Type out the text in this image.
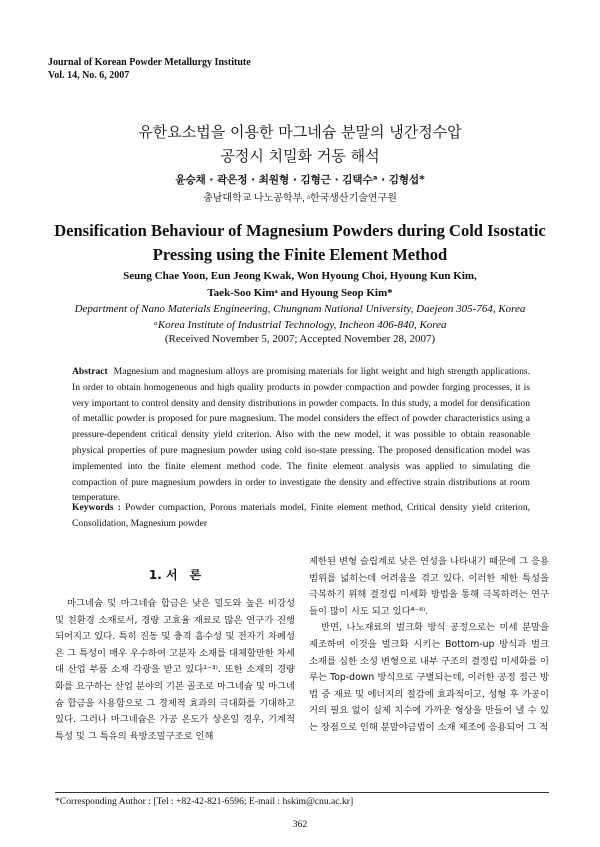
Journal of Korean Powder Metallurgy Institute
Vol. 14, No. 6, 2007
유한요소법을 이용한 마그네슘 분말의 냉간정수압
공정시 치밀화 거동 해석
윤승채 · 곽은정 · 최원형 · 김형근 · 김택수ᵃ · 김형섭*
충남대학교 나노공학부, ᵃ한국생산기술연구원
Densification Behaviour of Magnesium Powders during Cold Isostatic
Pressing using the Finite Element Method
Seung Chae Yoon, Eun Jeong Kwak, Won Hyoung Choi, Hyoung Kun Kim,
Taek-Soo Kimᵃ and Hyoung Seop Kim*
Department of Nano Materials Engineering, Chungnam National University, Daejeon 305-764, Korea
ᵃKorea Institute of Industrial Technology, Incheon 406-840, Korea
(Received November 5, 2007; Accepted November 28, 2007)
Abstract Magnesium and magnesium alloys are promising materials for light weight and high strength applications. In order to obtain homogeneous and high quality products in powder compaction and powder forging processes, it is very important to control density and density distributions in powder compacts. In this study, a model for densification of metallic powder is proposed for pure magnesium. The model considers the effect of powder characteristics using a pressure-dependent critical density yield criterion. Also with the new model, it was possible to obtain reasonable physical properties of pure magnesium powder using cold iso-state pressing. The proposed densification model was implemented into the finite element method code. The finite element analysis was applied to simulating die compaction of pure magnesium powders in order to investigate the density and effective strain distributions at room temperature.
Keywords : Powder compaction, Porous materials model, Finite element method, Critical density yield criterion, Consolidation, Magnesium powder
1. 서　론

마그네슘 및 마그네슘 합금은 낮은 밀도와 높은 비강성 및 친환경 소재로서, 경량 고효율 재료로 많은 연구가 진행되어지고 있다. 특히 진동 및 충격 흡수성 및 전자기 차폐성은 그 특성이 매우 우수하여 고분자 소재를 대체할만한 차세대 산업 부품 소재 각광을 받고 있다¹⁻³⁾. 또한 소재의 경량화를 요구하는 산업 분야의 기본 골조로 마그네슘 및 마그네슘 합금을 사용함으로 그 경제적 효과의 극대화를 기대하고 있다. 그러나 마그네슘은 가공 온도가 상온일 경우, 기계적 특성 및 그 특유의 육방조밀구조로 인해

제한된 변형 슬립계로 낮은 연성을 나타내기 때문에 그 응용 범위를 넓히는데 어려움을 겪고 있다. 이러한 제한 특성을 극복하기 위해 결정립 미세화 방법을 통해 극복하려는 연구들이 많이 시도 되고 있다⁴⁻⁶⁾.

반면, 나노재료의 벌크화 방식 공정으로는 미세 분말을 제조하여 이것을 벌크화 시키는 Bottom-up 방식과 벌크 소재를 심한 소성 변형으로 내부 구조의 결정립 미세화를 이루는 Top-down 방식으로 구별되는데, 이러한 공정 접근 방법 중 재료 및 에너지의 절감에 효과적이고, 성형 후 가공이 거의 필요 없이 실제 치수에 가까운 형상을 만들어 낼 수 있는 장점으로 인해 분말야금법이 소재 제조에 응용되어 그 적

*Corresponding Author : [Tel : +82-42-821-6596; E-mail : hskim@cnu.ac.kr]
362
